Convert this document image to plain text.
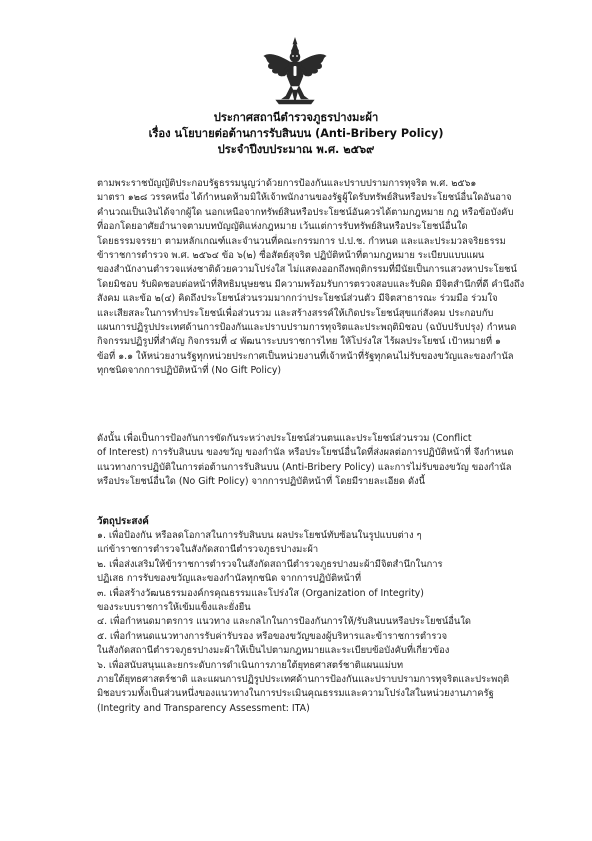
ประกาศสถานีตำรวจภูธรปางมะผ้า
เรื่อง นโยบายต่อต้านการรับสินบน (Anti-Bribery Policy)
ประจำปีงบประมาณ พ.ศ. ๒๕๖๙
ตามพระราชบัญญัติประกอบรัฐธรรมนูญว่าด้วยการป้องกันและปราบปรามการทุจริต พ.ศ. ๒๕๖๑
มาตรา ๑๒๘ วรรคหนึ่ง ได้กำหนดห้ามมิให้เจ้าพนักงานของรัฐผู้ใดรับทรัพย์สินหรือประโยชน์อื่นใดอันอาจ
คำนวณเป็นเงินได้จากผู้ใด นอกเหนือจากทรัพย์สินหรือประโยชน์อันควรได้ตามกฎหมาย กฎ หรือข้อบังคับ
ที่ออกโดยอาศัยอำนาจตามบทบัญญัติแห่งกฎหมาย เว้นแต่การรับทรัพย์สินหรือประโยชน์อื่นใด
โดยธรรมจรรยา ตามหลักเกณฑ์และจำนวนที่คณะกรรมการ ป.ป.ช. กำหนด และและประมวลจริยธรรม
ข้าราชการตำรวจ พ.ศ. ๒๕๖๔ ข้อ ๖(๒) ซื่อสัตย์สุจริต ปฏิบัติหน้าที่ตามกฎหมาย ระเบียบแบบแผน
ของสำนักงานตำรวจแห่งชาติด้วยความโปร่งใส ไม่แสดงออกถึงพฤติกรรมที่มีนัยเป็นการแสวงหาประโยชน์
โดยมิชอบ รับผิดชอบต่อหน้าที่สิทธิมนุษยชน มีความพร้อมรับการตรวจสอบและรับผิด มีจิตสำนึกที่ดี คำนึงถึง
สังคม และข้อ ๒(๔) คิดถึงประโยชน์ส่วนรวมมากกว่าประโยชน์ส่วนตัว มีจิตสาธารณะ ร่วมมือ ร่วมใจ
และเสียสละในการทำประโยชน์เพื่อส่วนรวม และสร้างสรรค์ให้เกิดประโยชน์สุขแก่สังคม ประกอบกับ
แผนการปฏิรูปประเทศด้านการป้องกันและปราบปรามการทุจริตและประพฤติมิชอบ (ฉบับปรับปรุง) กำหนด
กิจกรรมปฏิรูปที่สำคัญ กิจกรรมที่ ๔ พัฒนาระบบราชการไทย ให้โปร่งใส ไร้ผลประโยชน์ เป้าหมายที่ ๑
ข้อที่ ๑.๑ ให้หน่วยงานรัฐทุกหน่วยประกาศเป็นหน่วยงานที่เจ้าหน้าที่รัฐทุกคนไม่รับของขวัญและของกำนัล
ทุกชนิดจากการปฏิบัติหน้าที่ (No Gift Policy)
ดังนั้น เพื่อเป็นการป้องกันการขัดกันระหว่างประโยชน์ส่วนตนและประโยชน์ส่วนรวม (Conflict
of Interest) การรับสินบน ของขวัญ ของกำนัล หรือประโยชน์อื่นใดที่ส่งผลต่อการปฏิบัติหน้าที่ จึงกำหนด
แนวทางการปฏิบัติในการต่อต้านการรับสินบน (Anti-Bribery Policy) และการไม่รับของขวัญ ของกำนัล
หรือประโยชน์อื่นใด (No Gift Policy) จากการปฏิบัติหน้าที่ โดยมีรายละเอียด ดังนี้
วัตถุประสงค์
๑. เพื่อป้องกัน หรือลดโอกาสในการรับสินบน ผลประโยชน์ทับซ้อนในรูปแบบต่าง ๆ
แก่ข้าราชการตำรวจในสังกัดสถานีตำรวจภูธรปางมะผ้า
๒. เพื่อส่งเสริมให้ข้าราชการตำรวจในสังกัดสถานีตำรวจภูธรปางมะผ้ามีจิตสำนึกในการ
ปฏิเสธ การรับของขวัญและของกำนัลทุกชนิด จากการปฏิบัติหน้าที่
๓. เพื่อสร้างวัฒนธรรมองค์กรคุณธรรมและโปร่งใส (Organization of Integrity)
ของระบบราชการให้เข้มแข็งและยั่งยืน
๔. เพื่อกำหนดมาตรการ แนวทาง และกลไกในการป้องกันการให้/รับสินบนหรือประโยชน์อื่นใด
๕. เพื่อกำหนดแนวทางการรับค่ารับรอง หรือของขวัญของผู้บริหารและข้าราชการตำรวจ
ในสังกัดสถานีตำรวจภูธรปางมะผ้าให้เป็นไปตามกฎหมายและระเบียบข้อบังคับที่เกี่ยวข้อง
๖. เพื่อสนับสนุนและยกระดับการดำเนินการภายใต้ยุทธศาสตร์ชาติแผนแม่บท
ภายใต้ยุทธศาสตร์ชาติ และแผนการปฏิรูปประเทศด้านการป้องกันและปราบปรามการทุจริตและประพฤติ
มิชอบรวมทั้งเป็นส่วนหนึ่งของแนวทางในการประเมินคุณธรรมและความโปร่งใสในหน่วยงานภาครัฐ
(Integrity and Transparency Assessment: ITA)
